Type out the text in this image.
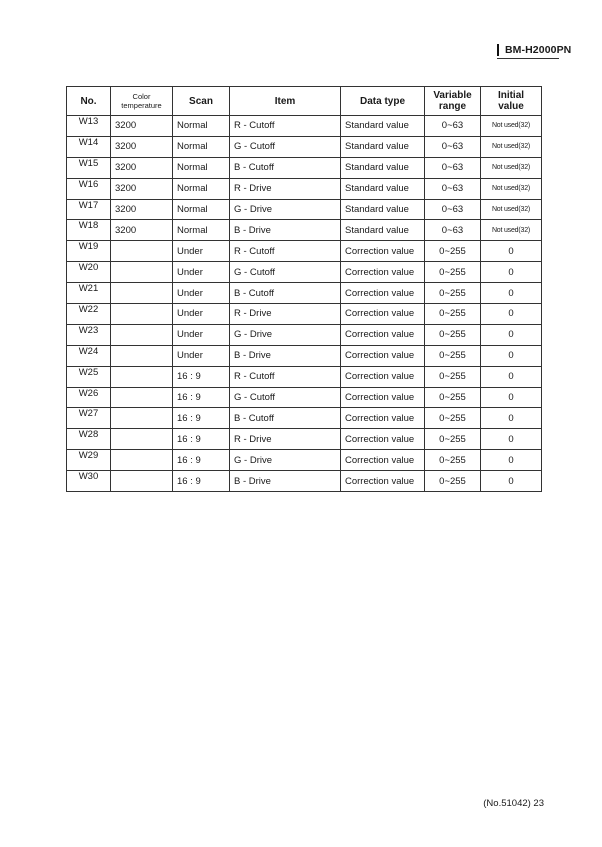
BM-H2000PN
No.	Color temperature	Scan	Item	Data type	Variable range	Initial value
W13	3200	Normal	R - Cutoff	Standard value	0~63	Not used(32)
W14	3200	Normal	G - Cutoff	Standard value	0~63	Not used(32)
W15	3200	Normal	B - Cutoff	Standard value	0~63	Not used(32)
W16	3200	Normal	R - Drive	Standard value	0~63	Not used(32)
W17	3200	Normal	G - Drive	Standard value	0~63	Not used(32)
W18	3200	Normal	B - Drive	Standard value	0~63	Not used(32)
W19		Under	R - Cutoff	Correction value	0~255	0
W20		Under	G - Cutoff	Correction value	0~255	0
W21		Under	B - Cutoff	Correction value	0~255	0
W22		Under	R - Drive	Correction value	0~255	0
W23		Under	G - Drive	Correction value	0~255	0
W24		Under	B - Drive	Correction value	0~255	0
W25		16 : 9	R - Cutoff	Correction value	0~255	0
W26		16 : 9	G - Cutoff	Correction value	0~255	0
W27		16 : 9	B - Cutoff	Correction value	0~255	0
W28		16 : 9	R - Drive	Correction value	0~255	0
W29		16 : 9	G - Drive	Correction value	0~255	0
W30		16 : 9	B - Drive	Correction value	0~255	0
(No.51042) 23
